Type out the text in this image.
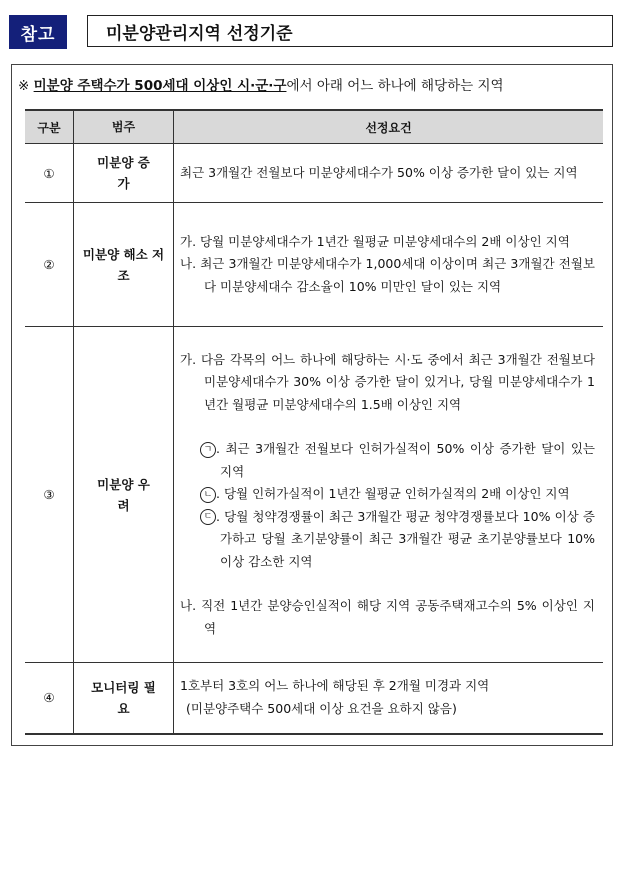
참고	미분양관리지역 선정기준
※ 미분양 주택수가 500세대 이상인 시·군·구에서 아래 어느 하나에 해당하는 지역
구분	범주	선정요건
①	미분양 증가	최근 3개월간 전월보다 미분양세대수가 50% 이상 증가한 달이 있는 지역
②	미분양 해소 저조	가. 당월 미분양세대수가 1년간 월평균 미분양세대수의 2배 이상인 지역
나. 최근 3개월간 미분양세대수가 1,000세대 이상이며 최근 3개월간 전월보다 미분양세대수 감소율이 10% 미만인 달이 있는 지역

③	미분양 우려	가. 다음 각목의 어느 하나에 해당하는 시·도 중에서 최근 3개월간 전월보다 미분양세대수가 30% 이상 증가한 달이 있거나, 당월 미분양세대수가 1년간 월평균 미분양세대수의 1.5배 이상인 지역
ㄱ . 최근 3개월간 전월보다 인허가실적이 50% 이상 증가한 달이 있는 지역
ㄴ . 당월 인허가실적이 1년간 월평균 인허가실적의 2배 이상인 지역
ㄷ . 당월 청약경쟁률이 최근 3개월간 평균 청약경쟁률보다 10% 이상 증가하고 당월 초기분양률이 최근 3개월간 평균 초기분양률보다 10% 이상 감소한 지역
나. 직전 1년간 분양승인실적이 해당 지역 공동주택재고수의 5% 이상인 지역

④	모니터링 필요	1호부터 3호의 어느 하나에 해당된 후 2개월 미경과 지역
(미분양주택수 500세대 이상 요건을 요하지 않음)
